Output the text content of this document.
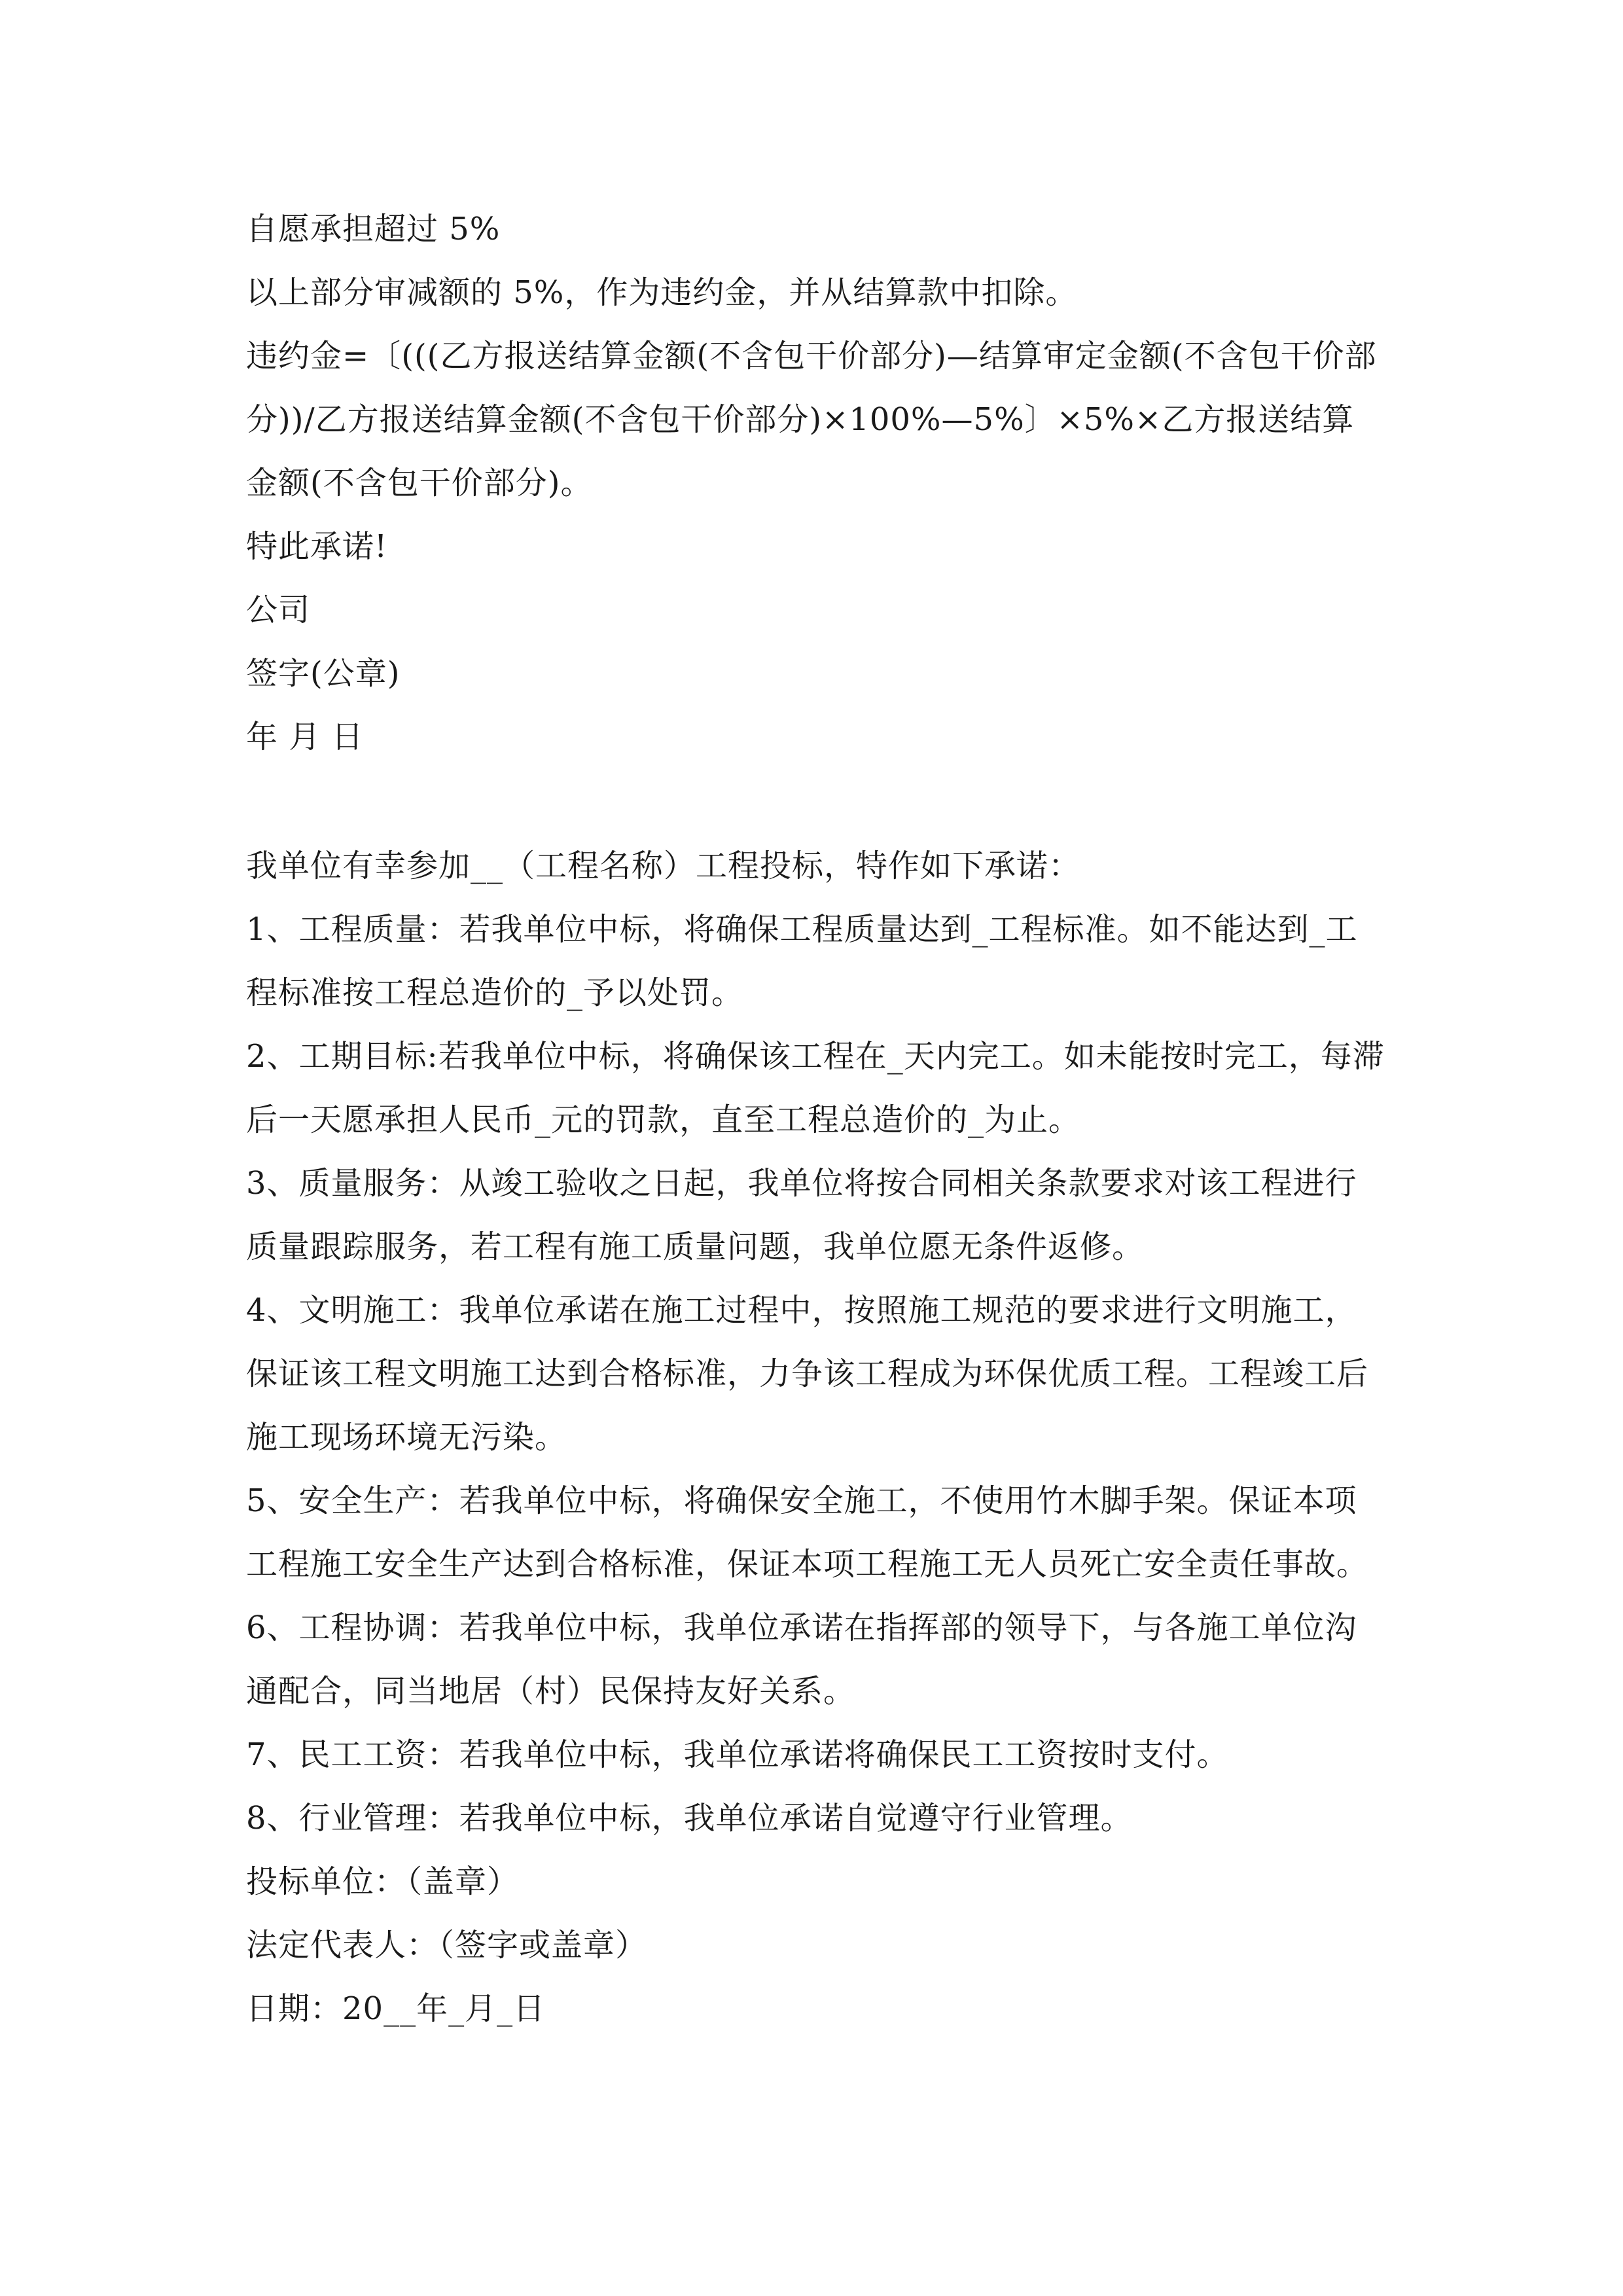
自愿承担超过 5%
以上部分审减额的 5%，作为违约金，并从结算款中扣除。

违约金=〔(((乙方报送结算金额(不含包干价部分)—结算审定金额(不含包干价部分))/乙方报送结算金额(不含包干价部分)×100%—5%〕×5%×乙方报送结算金额(不含包干价部分)。

特此承诺!
公司
签字(公章)
年 月 日

我单位有幸参加__（工程名称）工程投标，特作如下承诺：

1、工程质量：若我单位中标，将确保工程质量达到_工程标准。如不能达到_工程标准按工程总造价的_予以处罚。

2、工期目标:若我单位中标，将确保该工程在_天内完工。如未能按时完工，每滞后一天愿承担人民币_元的罚款，直至工程总造价的_为止。

3、质量服务：从竣工验收之日起，我单位将按合同相关条款要求对该工程进行质量跟踪服务，若工程有施工质量问题，我单位愿无条件返修。

4、文明施工：我单位承诺在施工过程中，按照施工规范的要求进行文明施工，保证该工程文明施工达到合格标准，力争该工程成为环保优质工程。工程竣工后施工现场环境无污染。

5、安全生产：若我单位中标，将确保安全施工，不使用竹木脚手架。保证本项工程施工安全生产达到合格标准，保证本项工程施工无人员死亡安全责任事故。

6、工程协调：若我单位中标，我单位承诺在指挥部的领导下，与各施工单位沟通配合，同当地居（村）民保持友好关系。

7、民工工资：若我单位中标，我单位承诺将确保民工工资按时支付。

8、行业管理：若我单位中标，我单位承诺自觉遵守行业管理。

投标单位：（盖章）
法定代表人：（签字或盖章）
日期：20__年_月_日
